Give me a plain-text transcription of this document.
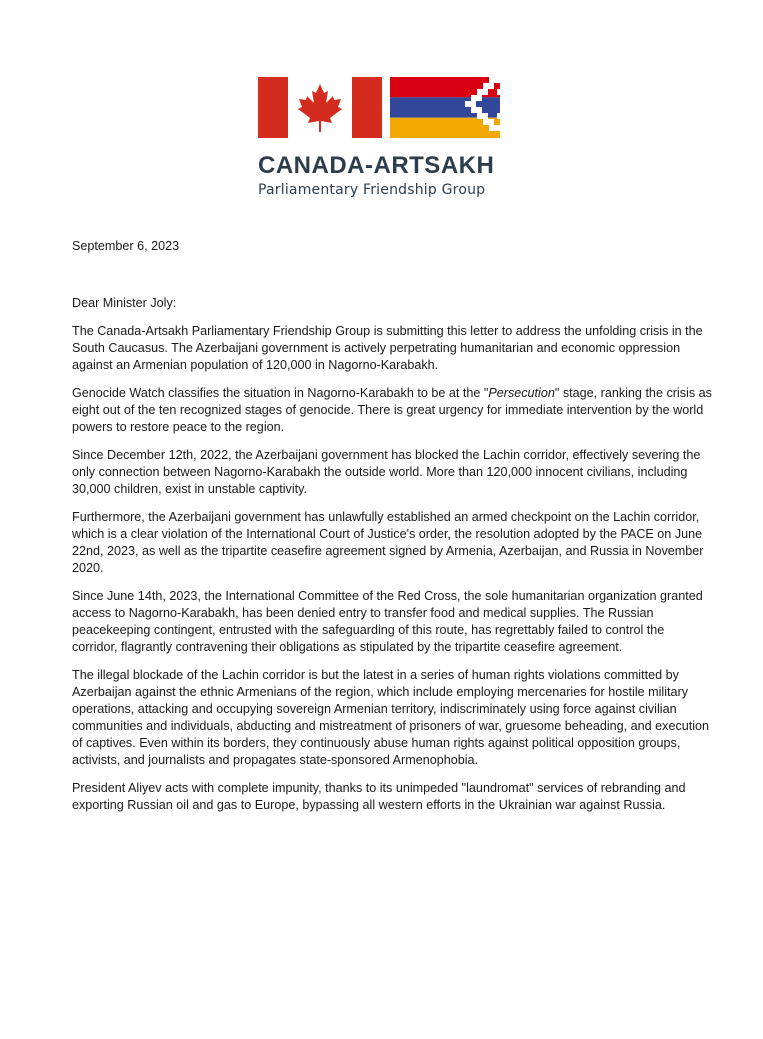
CANADA-ARTSAKH
Parliamentary Friendship Group

September 6, 2023

Dear Minister Joly:

The Canada-Artsakh Parliamentary Friendship Group is submitting this letter to address the unfolding crisis in the South Caucasus. The Azerbaijani government is actively perpetrating humanitarian and economic oppression against an Armenian population of 120,000 in Nagorno-Karabakh.

Genocide Watch classifies the situation in Nagorno-Karabakh to be at the "Persecution" stage, ranking the crisis as eight out of the ten recognized stages of genocide. There is great urgency for immediate intervention by the world powers to restore peace to the region.

Since December 12th, 2022, the Azerbaijani government has blocked the Lachin corridor, effectively severing the only connection between Nagorno-Karabakh the outside world. More than 120,000 innocent civilians, including 30,000 children, exist in unstable captivity.

Furthermore, the Azerbaijani government has unlawfully established an armed checkpoint on the Lachin corridor, which is a clear violation of the International Court of Justice's order, the resolution adopted by the PACE on June 22nd, 2023, as well as the tripartite ceasefire agreement signed by Armenia, Azerbaijan, and Russia in November 2020.

Since June 14th, 2023, the International Committee of the Red Cross, the sole humanitarian organization granted access to Nagorno-Karabakh, has been denied entry to transfer food and medical supplies. The Russian peacekeeping contingent, entrusted with the safeguarding of this route, has regrettably failed to control the corridor, flagrantly contravening their obligations as stipulated by the tripartite ceasefire agreement.

The illegal blockade of the Lachin corridor is but the latest in a series of human rights violations committed by Azerbaijan against the ethnic Armenians of the region, which include employing mercenaries for hostile military operations, attacking and occupying sovereign Armenian territory, indiscriminately using force against civilian communities and individuals, abducting and mistreatment of prisoners of war, gruesome beheading, and execution of captives. Even within its borders, they continuously abuse human rights against political opposition groups, activists, and journalists and propagates state-sponsored Armenophobia.

President Aliyev acts with complete impunity, thanks to its unimpeded "laundromat" services of rebranding and exporting Russian oil and gas to Europe, bypassing all western efforts in the Ukrainian war against Russia.
